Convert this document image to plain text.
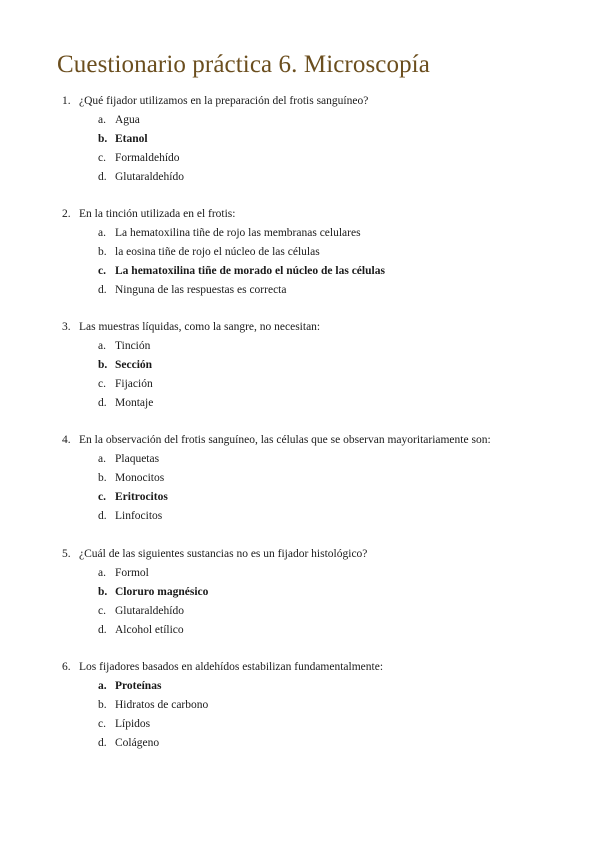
Cuestionario práctica 6. Microscopía
1. ¿Qué fijador utilizamos en la preparación del frotis sanguíneo?
a. Agua
b. Etanol
c. Formaldehído
d. Glutaraldehído
2. En la tinción utilizada en el frotis:
a. La hematoxilina tiñe de rojo las membranas celulares
b. la eosina tiñe de rojo el núcleo de las células
c. La hematoxilina tiñe de morado el núcleo de las células
d. Ninguna de las respuestas es correcta
3. Las muestras líquidas, como la sangre, no necesitan:
a. Tinción
b. Sección
c. Fijación
d. Montaje
4. En la observación del frotis sanguíneo, las células que se observan mayoritariamente son:
a. Plaquetas
b. Monocitos
c. Eritrocitos
d. Linfocitos
5. ¿Cuál de las siguientes sustancias no es un fijador histológico?
a. Formol
b. Cloruro magnésico
c. Glutaraldehído
d. Alcohol etílico
6. Los fijadores basados en aldehídos estabilizan fundamentalmente:
a. Proteínas
b. Hidratos de carbono
c. Lípidos
d. Colágeno
